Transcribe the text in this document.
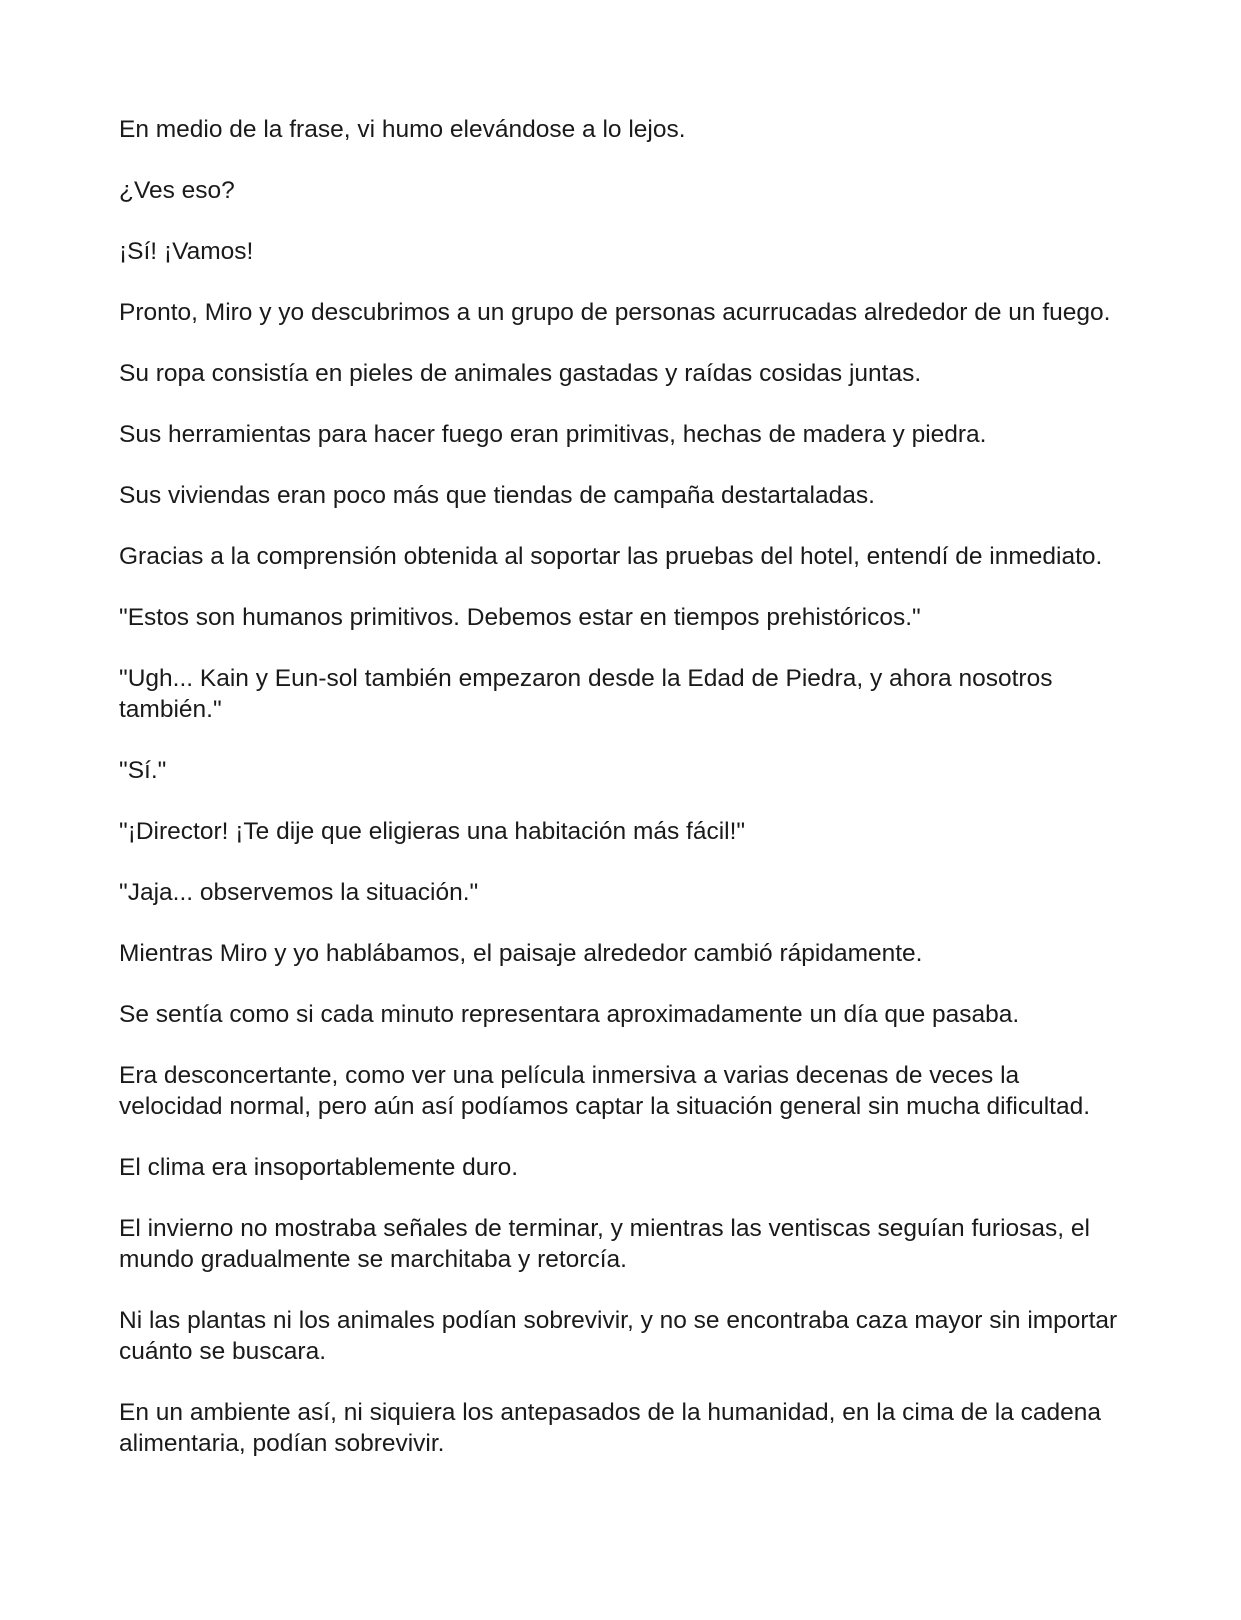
En medio de la frase, vi humo elevándose a lo lejos.

¿Ves eso?

¡Sí! ¡Vamos!

Pronto, Miro y yo descubrimos a un grupo de personas acurrucadas alrededor de un fuego.

Su ropa consistía en pieles de animales gastadas y raídas cosidas juntas.

Sus herramientas para hacer fuego eran primitivas, hechas de madera y piedra.

Sus viviendas eran poco más que tiendas de campaña destartaladas.

Gracias a la comprensión obtenida al soportar las pruebas del hotel, entendí de inmediato.

"Estos son humanos primitivos. Debemos estar en tiempos prehistóricos."

"Ugh... Kain y Eun-sol también empezaron desde la Edad de Piedra, y ahora nosotros también."

"Sí."

"¡Director! ¡Te dije que eligieras una habitación más fácil!"

"Jaja... observemos la situación."

Mientras Miro y yo hablábamos, el paisaje alrededor cambió rápidamente.

Se sentía como si cada minuto representara aproximadamente un día que pasaba.

Era desconcertante, como ver una película inmersiva a varias decenas de veces la velocidad normal, pero aún así podíamos captar la situación general sin mucha dificultad.

El clima era insoportablemente duro.

El invierno no mostraba señales de terminar, y mientras las ventiscas seguían furiosas, el mundo gradualmente se marchitaba y retorcía.

Ni las plantas ni los animales podían sobrevivir, y no se encontraba caza mayor sin importar cuánto se buscara.

En un ambiente así, ni siquiera los antepasados de la humanidad, en la cima de la cadena alimentaria, podían sobrevivir.
